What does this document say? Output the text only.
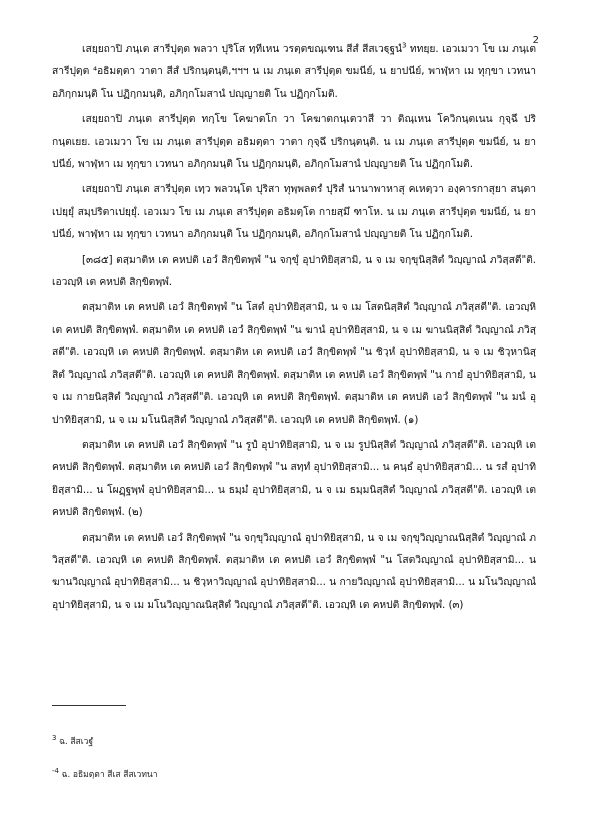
2

เสยฺยถาปิ ภนฺเต สารีปุตฺต พลวา ปุริโส ทฺทีเหน วรตฺตขณฺเฑน สีสํ สีสเวฐฺฐนํ$^3$ ททยฺย. เอวเมวา โข เม ภนฺเต สารีปุตฺต ⁴อธิมตฺตา วาตา สีสํ ปริกนฺตนฺติ,ฯฯฯ น เม ภนฺเต สารีปุตฺต ขมนีย์, น ยาปนีย์, พาฬฺหา เม ทุกฺขา เวทนา อภิกฺกมนฺติ โน ปฏิกฺกมนฺติ, อภิกฺกโมสานํ ปญฺญายติ โน ปฏิกฺกโมติ.

เสยฺยถาปิ ภนฺเต สารีปุตฺต ทกฺโข โคฆาตโก วา โคฆาตกนฺเตวาสี วา ติณฺเหน โควิกนฺตเนน กุจฺฉึ ปริกนฺตเยย. เอวเมวา โข เม ภนฺเต สารีปุตฺต อธิมตฺตา วาตา กุจฺฉึ ปริกนฺตนฺติ. น เม ภนฺเต สารีปุตฺต ขมนีย์, น ยาปนีย์, พาฬฺหา เม ทุกฺขา เวทนา อภิกฺกมนฺติ โน ปฏิกฺกมนฺติ, อภิกฺกโมสานํ ปญฺญายติ โน ปฏิกฺกโมติ.

เสยฺยถาปิ ภนฺเต สารีปุตฺต เทฺว พลวนฺโต ปุริสา ทุพฺพลตรํ ปุริสํ นานาพาหาสุ คเหตฺวา องฺคารกาสุยา สนฺตาเปยฺยุํ สมฺปริตาเปยฺยุํ. เอวเมว โข เม ภนฺเต สารีปุตฺต อธิมตฺโต กายสฺมึ ฑาโห. น เม ภนฺเต สารีปุตฺต ขมนีย์, น ยาปนีย์, พาฬฺหา เม ทุกฺขา เวทนา อภิกฺกมนฺติ โน ปฏิกฺกมนฺติ, อภิกฺกโมสานํ ปญฺญายติ โน ปฏิกฺกโมติ.

[๓๘๕] ตสฺมาติห เต คหปติ เอวํ สิกฺขิตพฺพํ "น จกฺขุํ อุปาทิยิสฺสามิ, น จ เม จกฺขุนิสฺสิตํ วิญฺญาณํ ภวิสฺสตี"ติ. เอวญฺหิ เต คหปติ สิกฺขิตพฺพํ.

ตสฺมาติห เต คหปติ เอวํ สิกฺขิตพฺพํ "น โสตํ อุปาทิยิสฺสามิ, น จ เม โสตนิสฺสิตํ วิญฺญาณํ ภวิสฺสตี"ติ. เอวญฺหิ เต คหปติ สิกฺขิตพฺพํ. ตสฺมาติห เต คหปติ เอวํ สิกฺขิตพฺพํ "น ฆานํ อุปาทิยิสฺสามิ, น จ เม ฆานนิสฺสิตํ วิญฺญาณํ ภวิสฺสตี"ติ. เอวญฺหิ เต คหปติ สิกฺขิตพฺพํ. ตสฺมาติห เต คหปติ เอวํ สิกฺขิตพฺพํ "น ชิวฺหํ อุปาทิยิสฺสามิ, น จ เม ชิวฺหานิสฺสิตํ วิญฺญาณํ ภวิสฺสตี"ติ. เอวญฺหิ เต คหปติ สิกฺขิตพฺพํ. ตสฺมาติห เต คหปติ เอวํ สิกฺขิตพฺพํ "น กายํ อุปาทิยิสฺสามิ, น จ เม กายนิสฺสิตํ วิญฺญาณํ ภวิสฺสตี"ติ. เอวญฺหิ เต คหปติ สิกฺขิตพฺพํ. ตสฺมาติห เต คหปติ เอวํ สิกฺขิตพฺพํ "น มนํ อุปาทิยิสฺสามิ, น จ เม มโนนิสฺสิตํ วิญฺญาณํ ภวิสฺสตี"ติ. เอวญฺหิ เต คหปติ สิกฺขิตพฺพํ. (๑)

ตสฺมาติห เต คหปติ เอวํ สิกฺขิตพฺพํ "น รูปํ อุปาทิยิสฺสามิ, น จ เม รูปนิสฺสิตํ วิญฺญาณํ ภวิสฺสตี"ติ. เอวญฺหิ เต คหปติ สิกฺขิตพฺพํ. ตสฺมาติห เต คหปติ เอวํ สิกฺขิตพฺพํ "น สทฺทํ อุปาทิยิสฺสามิ... น คนฺธํ อุปาทิยิสฺสามิ... น รสํ อุปาทิยิสฺสามิ... น โผฏฺฐพฺพํ อุปาทิยิสฺสามิ... น ธมฺมํ อุปาทิยิสฺสามิ, น จ เม ธมฺมนิสฺสิตํ วิญฺญาณํ ภวิสฺสตี"ติ. เอวญฺหิ เต คหปติ สิกฺขิตพฺพํ. (๒)

ตสฺมาติห เต คหปติ เอวํ สิกฺขิตพฺพํ "น จกฺขุวิญฺญาณํ อุปาทิยิสฺสามิ, น จ เม จกฺขุวิญฺญาณนิสฺสิตํ วิญฺญาณํ ภวิสฺสตี"ติ. เอวญฺหิ เต คหปติ สิกฺขิตพฺพํ. ตสฺมาติห เต คหปติ เอวํ สิกฺขิตพฺพํ "น โสตวิญฺญาณํ อุปาทิยิสฺสามิ... น ฆานวิญฺญาณํ อุปาทิยิสฺสามิ... น ชิวฺหาวิญฺญาณํ อุปาทิยิสฺสามิ... น กายวิญฺญาณํ อุปาทิยิสฺสามิ... น มโนวิญฺญาณํ อุปาทิยิสฺสามิ, น จ เม มโนวิญฺญาณนิสฺสิตํ วิญฺญาณํ ภวิสฺสตี"ติ. เอวญฺหิ เต คหปติ สิกฺขิตพฺพํ. (๓)

$^3$ ฉ. สีสเวฐํ
$^{-4}$ ฉ. อธิมตฺตา สีเส สีสเวทนา
